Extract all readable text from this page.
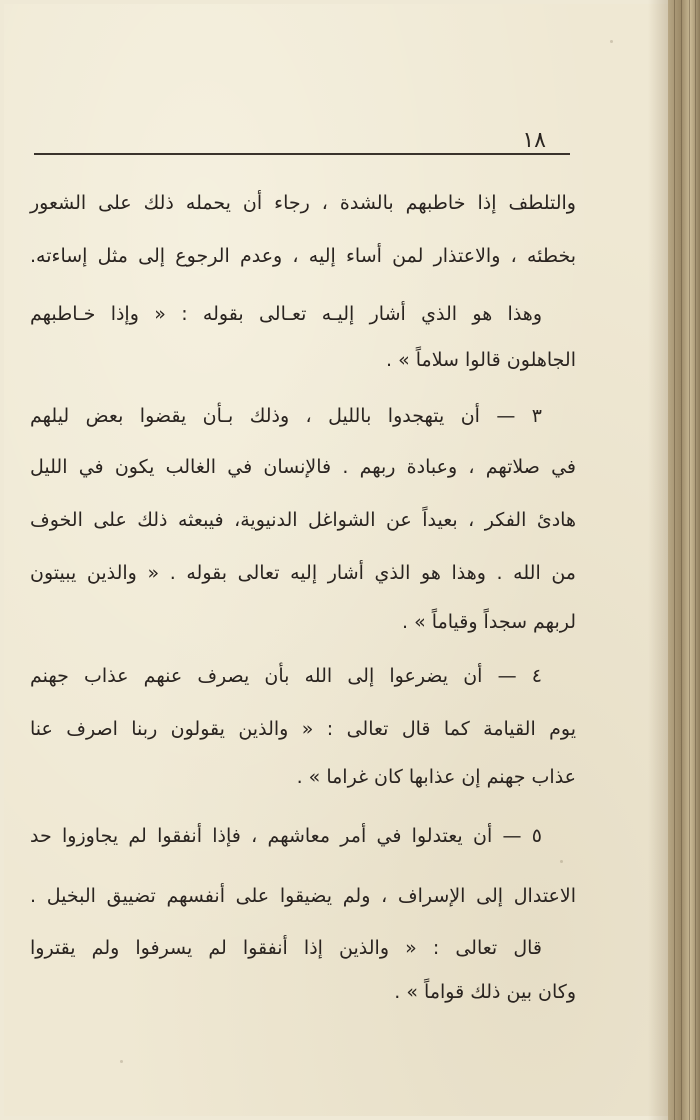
١٨
والتلطف إذا خاطبهم بالشدة ، رجاء أن يحمله ذلك على الشعور
بخطئه ، والاعتذار لمن أساء إليه ، وعدم الرجوع إلى مثل إساءته.
وهذا هو الذي أشار إليـه تعـالى بقوله : « وإذا خـاطبهم
الجاهلون قالوا سلاماً » .
٣ — أن يتهجدوا بالليل ، وذلك بـأن يقضوا بعض ليلهم
في صلاتهم ، وعبادة ربهم . فالإنسان في الغالب يكون في الليل
هادئ الفكر ، بعيداً عن الشواغل الدنيوية، فيبعثه ذلك على الخوف
من الله . وهذا هو الذي أشار إليه تعالى بقوله . « والذين يبيتون
لربهم سجداً وقياماً » .
٤ — أن يضرعوا إلى الله بأن يصرف عنهم عذاب جهنم
يوم القيامة كما قال تعالى : « والذين يقولون ربنا اصرف عنا
عذاب جهنم إن عذابها كان غراما » .
٥ — أن يعتدلوا في أمر معاشهم ، فإذا أنفقوا لم يجاوزوا حد
الاعتدال إلى الإسراف ، ولم يضيقوا على أنفسهم تضييق البخيل .
قال تعالى : « والذين إذا أنفقوا لم يسرفوا ولم يقتروا
وكان بين ذلك قواماً » .
